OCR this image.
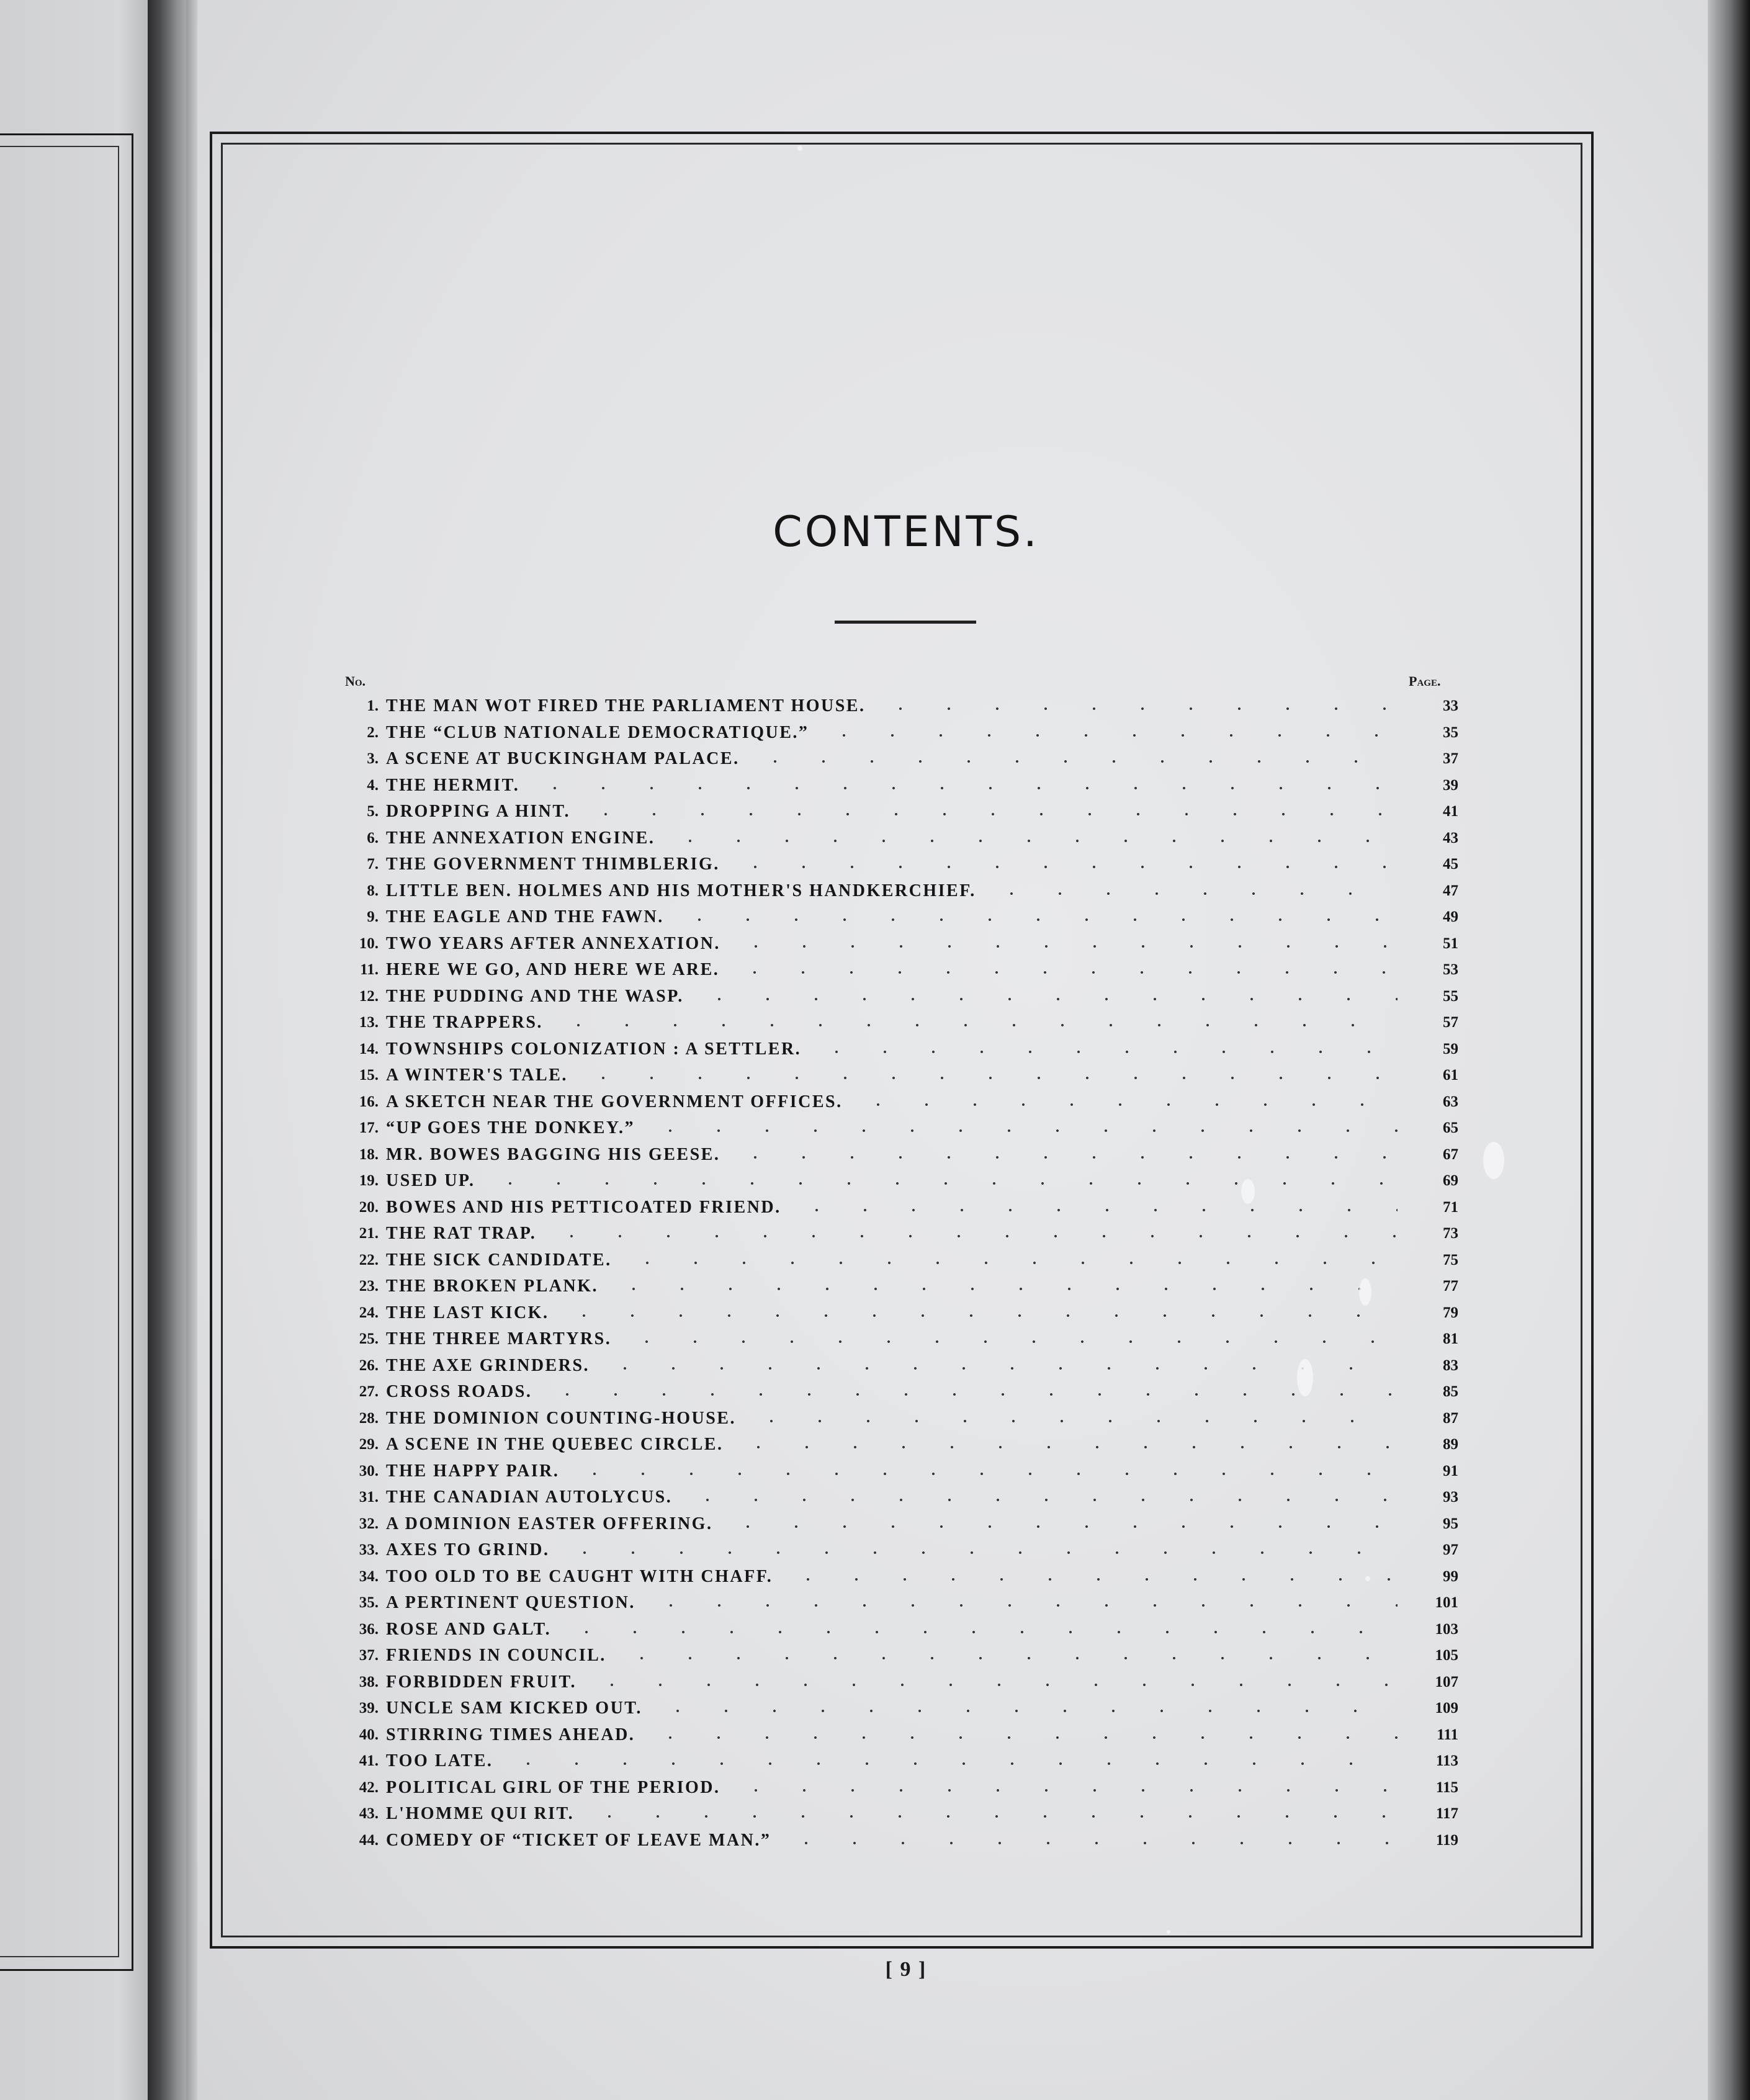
CONTENTS.
No.	Page.
1. THE MAN WOT FIRED THE PARLIAMENT HOUSE.	33
2. THE “CLUB NATIONALE DEMOCRATIQUE.”	35
3. A SCENE AT BUCKINGHAM PALACE.	37
4. THE HERMIT.	39
5. DROPPING A HINT.	41
6. THE ANNEXATION ENGINE.	43
7. THE GOVERNMENT THIMBLERIG.	45
8. LITTLE BEN. HOLMES AND HIS MOTHER'S HANDKERCHIEF.	47
9. THE EAGLE AND THE FAWN.	49
10. TWO YEARS AFTER ANNEXATION.	51
11. HERE WE GO, AND HERE WE ARE.	53
12. THE PUDDING AND THE WASP.	55
13. THE TRAPPERS.	57
14. TOWNSHIPS COLONIZATION : A SETTLER.	59
15. A WINTER'S TALE.	61
16. A SKETCH NEAR THE GOVERNMENT OFFICES.	63
17. “UP GOES THE DONKEY.”	65
18. MR. BOWES BAGGING HIS GEESE.	67
19. USED UP.	69
20. BOWES AND HIS PETTICOATED FRIEND.	71
21. THE RAT TRAP.	73
22. THE SICK CANDIDATE.	75
23. THE BROKEN PLANK.	77
24. THE LAST KICK.	79
25. THE THREE MARTYRS.	81
26. THE AXE GRINDERS.	83
27. CROSS ROADS.	85
28. THE DOMINION COUNTING-HOUSE.	87
29. A SCENE IN THE QUEBEC CIRCLE.	89
30. THE HAPPY PAIR.	91
31. THE CANADIAN AUTOLYCUS.	93
32. A DOMINION EASTER OFFERING.	95
33. AXES TO GRIND.	97
34. TOO OLD TO BE CAUGHT WITH CHAFF.	99
35. A PERTINENT QUESTION.	101
36. ROSE AND GALT.	103
37. FRIENDS IN COUNCIL.	105
38. FORBIDDEN FRUIT.	107
39. UNCLE SAM KICKED OUT.	109
40. STIRRING TIMES AHEAD.	111
41. TOO LATE.	113
42. POLITICAL GIRL OF THE PERIOD.	115
43. L'HOMME QUI RIT.	117
44. COMEDY OF “TICKET OF LEAVE MAN.”	119
[ 9 ]
